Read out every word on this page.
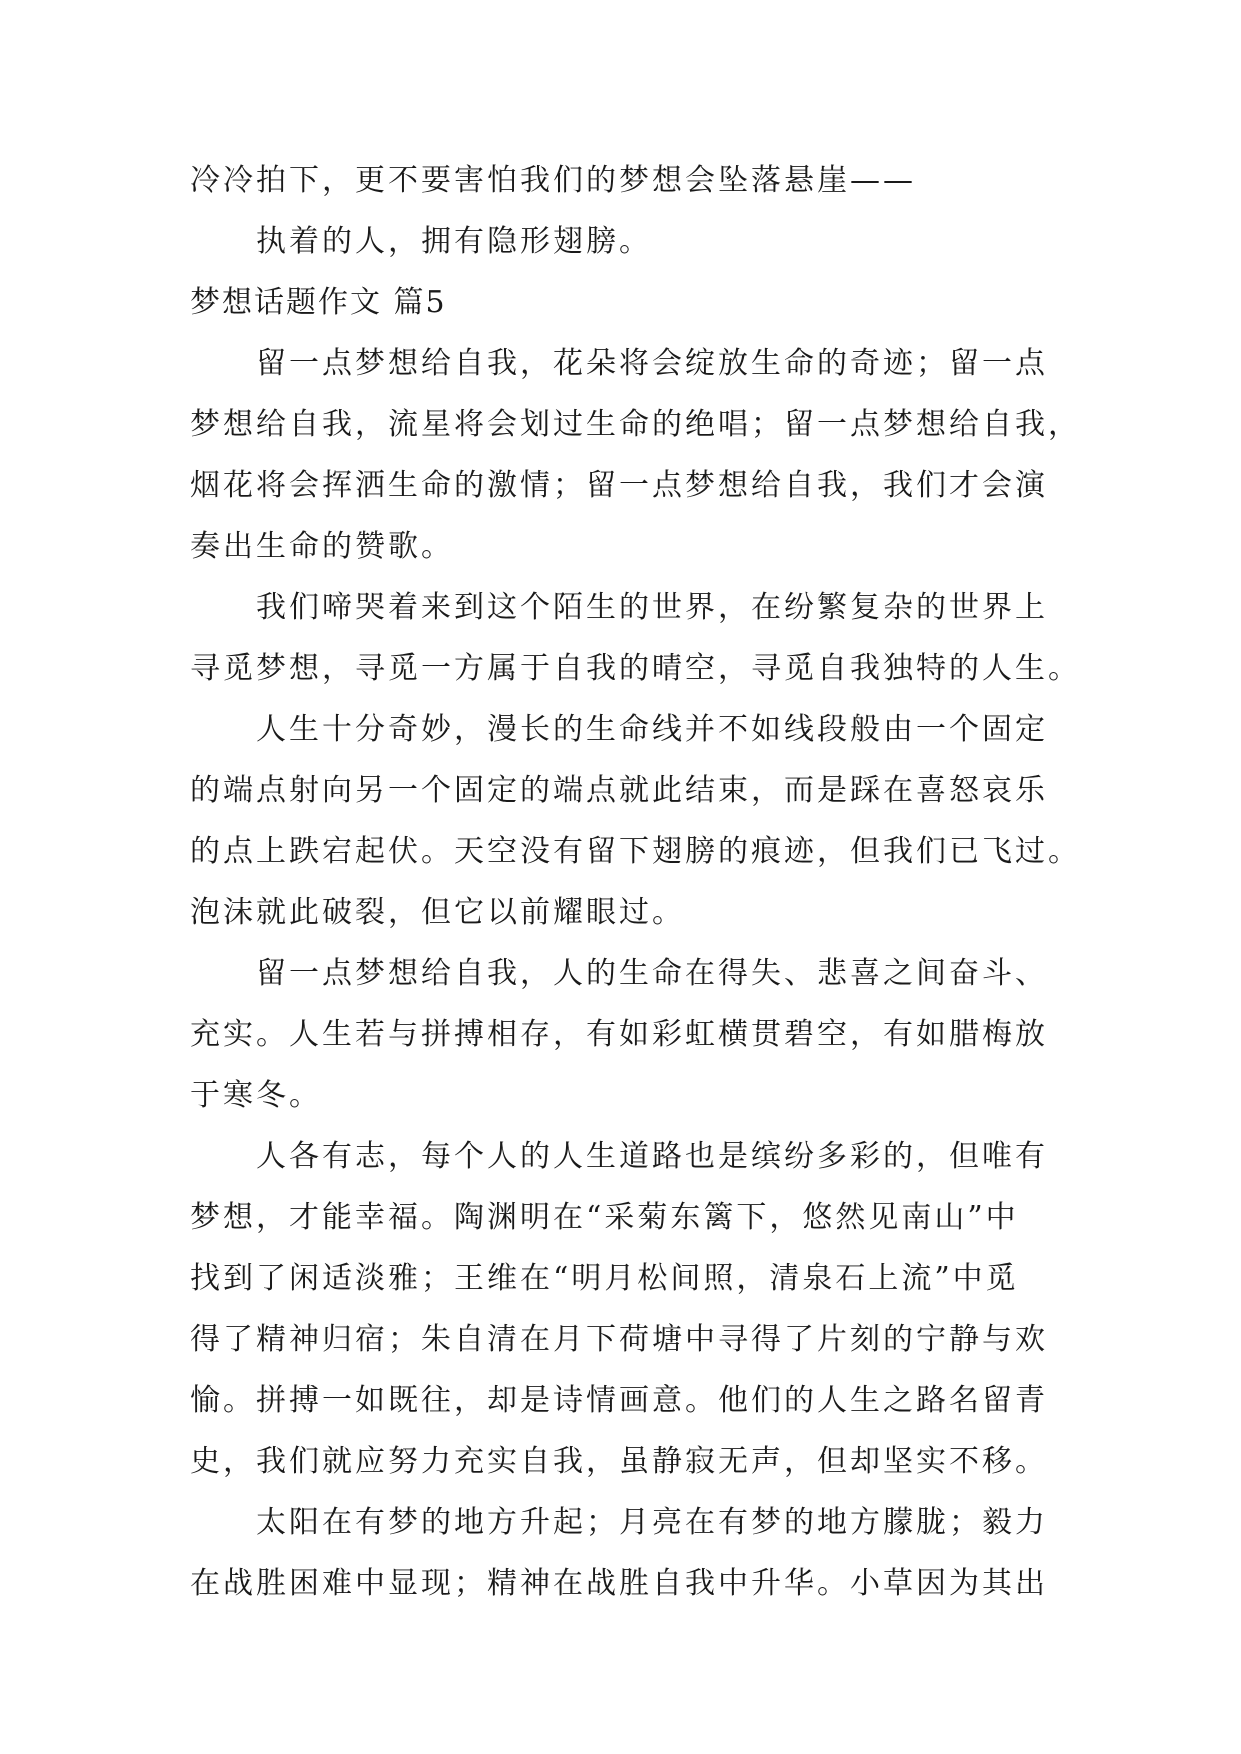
冷冷拍下，更不要害怕我们的梦想会坠落悬崖——
执着的人，拥有隐形翅膀。
梦想话题作文 篇5
留一点梦想给自我，花朵将会绽放生命的奇迹；留一点
梦想给自我，流星将会划过生命的绝唱；留一点梦想给自我，
烟花将会挥洒生命的激情；留一点梦想给自我，我们才会演
奏出生命的赞歌。
我们啼哭着来到这个陌生的世界，在纷繁复杂的世界上
寻觅梦想，寻觅一方属于自我的晴空，寻觅自我独特的人生。
人生十分奇妙，漫长的生命线并不如线段般由一个固定
的端点射向另一个固定的端点就此结束，而是踩在喜怒哀乐
的点上跌宕起伏。天空没有留下翅膀的痕迹，但我们已飞过。
泡沫就此破裂，但它以前耀眼过。
留一点梦想给自我，人的生命在得失、悲喜之间奋斗、
充实。人生若与拼搏相存，有如彩虹横贯碧空，有如腊梅放
于寒冬。
人各有志，每个人的人生道路也是缤纷多彩的，但唯有
梦想，才能幸福。陶渊明在“采菊东篱下，悠然见南山”中
找到了闲适淡雅；王维在“明月松间照，清泉石上流”中觅
得了精神归宿；朱自清在月下荷塘中寻得了片刻的宁静与欢
愉。拼搏一如既往，却是诗情画意。他们的人生之路名留青
史，我们就应努力充实自我，虽静寂无声，但却坚实不移。
太阳在有梦的地方升起；月亮在有梦的地方朦胧；毅力
在战胜困难中显现；精神在战胜自我中升华。小草因为其出
